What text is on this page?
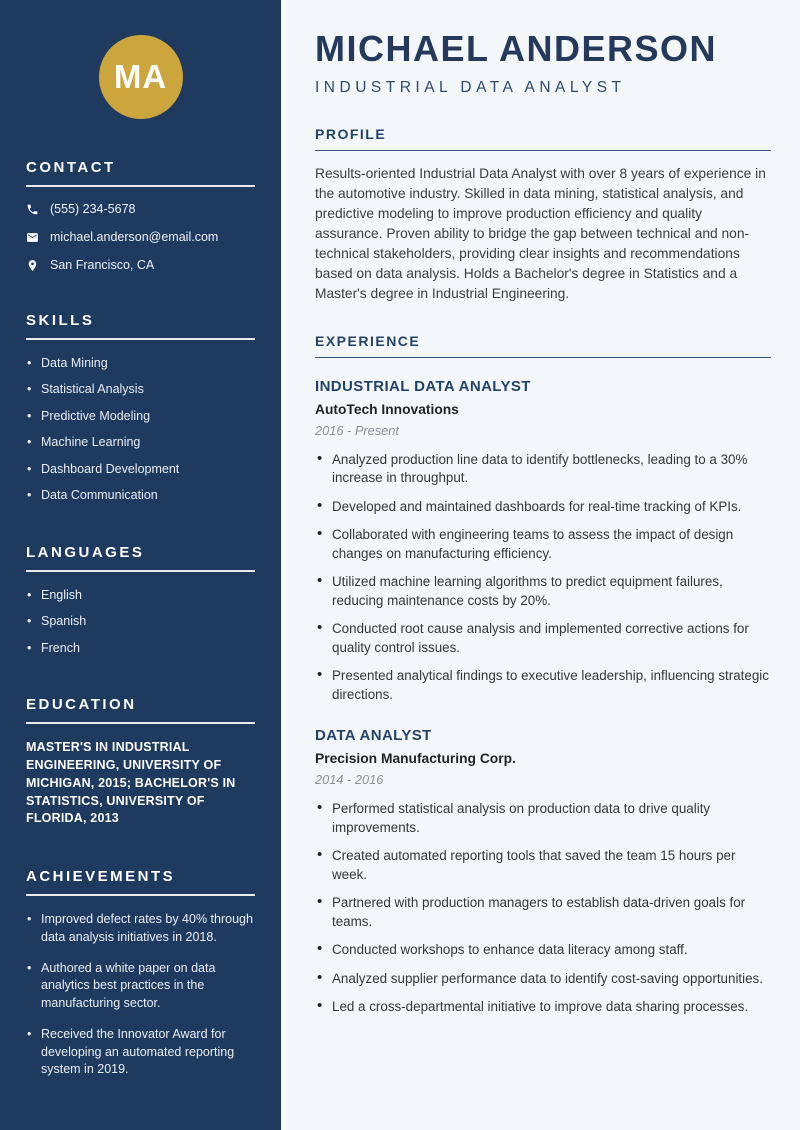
MA
CONTACT
(555) 234-5678
michael.anderson@email.com
San Francisco, CA
SKILLS
• Data Mining
• Statistical Analysis
• Predictive Modeling
• Machine Learning
• Dashboard Development
• Data Communication
LANGUAGES
• English
• Spanish
• French
EDUCATION

MASTER'S IN INDUSTRIAL ENGINEERING, UNIVERSITY OF MICHIGAN, 2015; BACHELOR'S IN STATISTICS, UNIVERSITY OF FLORIDA, 2013

ACHIEVEMENTS
• Improved defect rates by 40% through data analysis initiatives in 2018.
• Authored a white paper on data analytics best practices in the manufacturing sector.
• Received the Innovator Award for developing an automated reporting system in 2019.
MICHAEL ANDERSON
INDUSTRIAL DATA ANALYST
PROFILE

Results-oriented Industrial Data Analyst with over 8 years of experience in the automotive industry. Skilled in data mining, statistical analysis, and predictive modeling to improve production efficiency and quality assurance. Proven ability to bridge the gap between technical and non-technical stakeholders, providing clear insights and recommendations based on data analysis. Holds a Bachelor's degree in Statistics and a Master's degree in Industrial Engineering.

EXPERIENCE
INDUSTRIAL DATA ANALYST
AutoTech Innovations
2016 - Present
• Analyzed production line data to identify bottlenecks, leading to a 30% increase in throughput.
• Developed and maintained dashboards for real-time tracking of KPIs.
• Collaborated with engineering teams to assess the impact of design changes on manufacturing efficiency.
• Utilized machine learning algorithms to predict equipment failures, reducing maintenance costs by 20%.
• Conducted root cause analysis and implemented corrective actions for quality control issues.
• Presented analytical findings to executive leadership, influencing strategic directions.
DATA ANALYST
Precision Manufacturing Corp.
2014 - 2016
• Performed statistical analysis on production data to drive quality improvements.
• Created automated reporting tools that saved the team 15 hours per week.
• Partnered with production managers to establish data-driven goals for teams.
• Conducted workshops to enhance data literacy among staff.
• Analyzed supplier performance data to identify cost-saving opportunities.
• Led a cross-departmental initiative to improve data sharing processes.
